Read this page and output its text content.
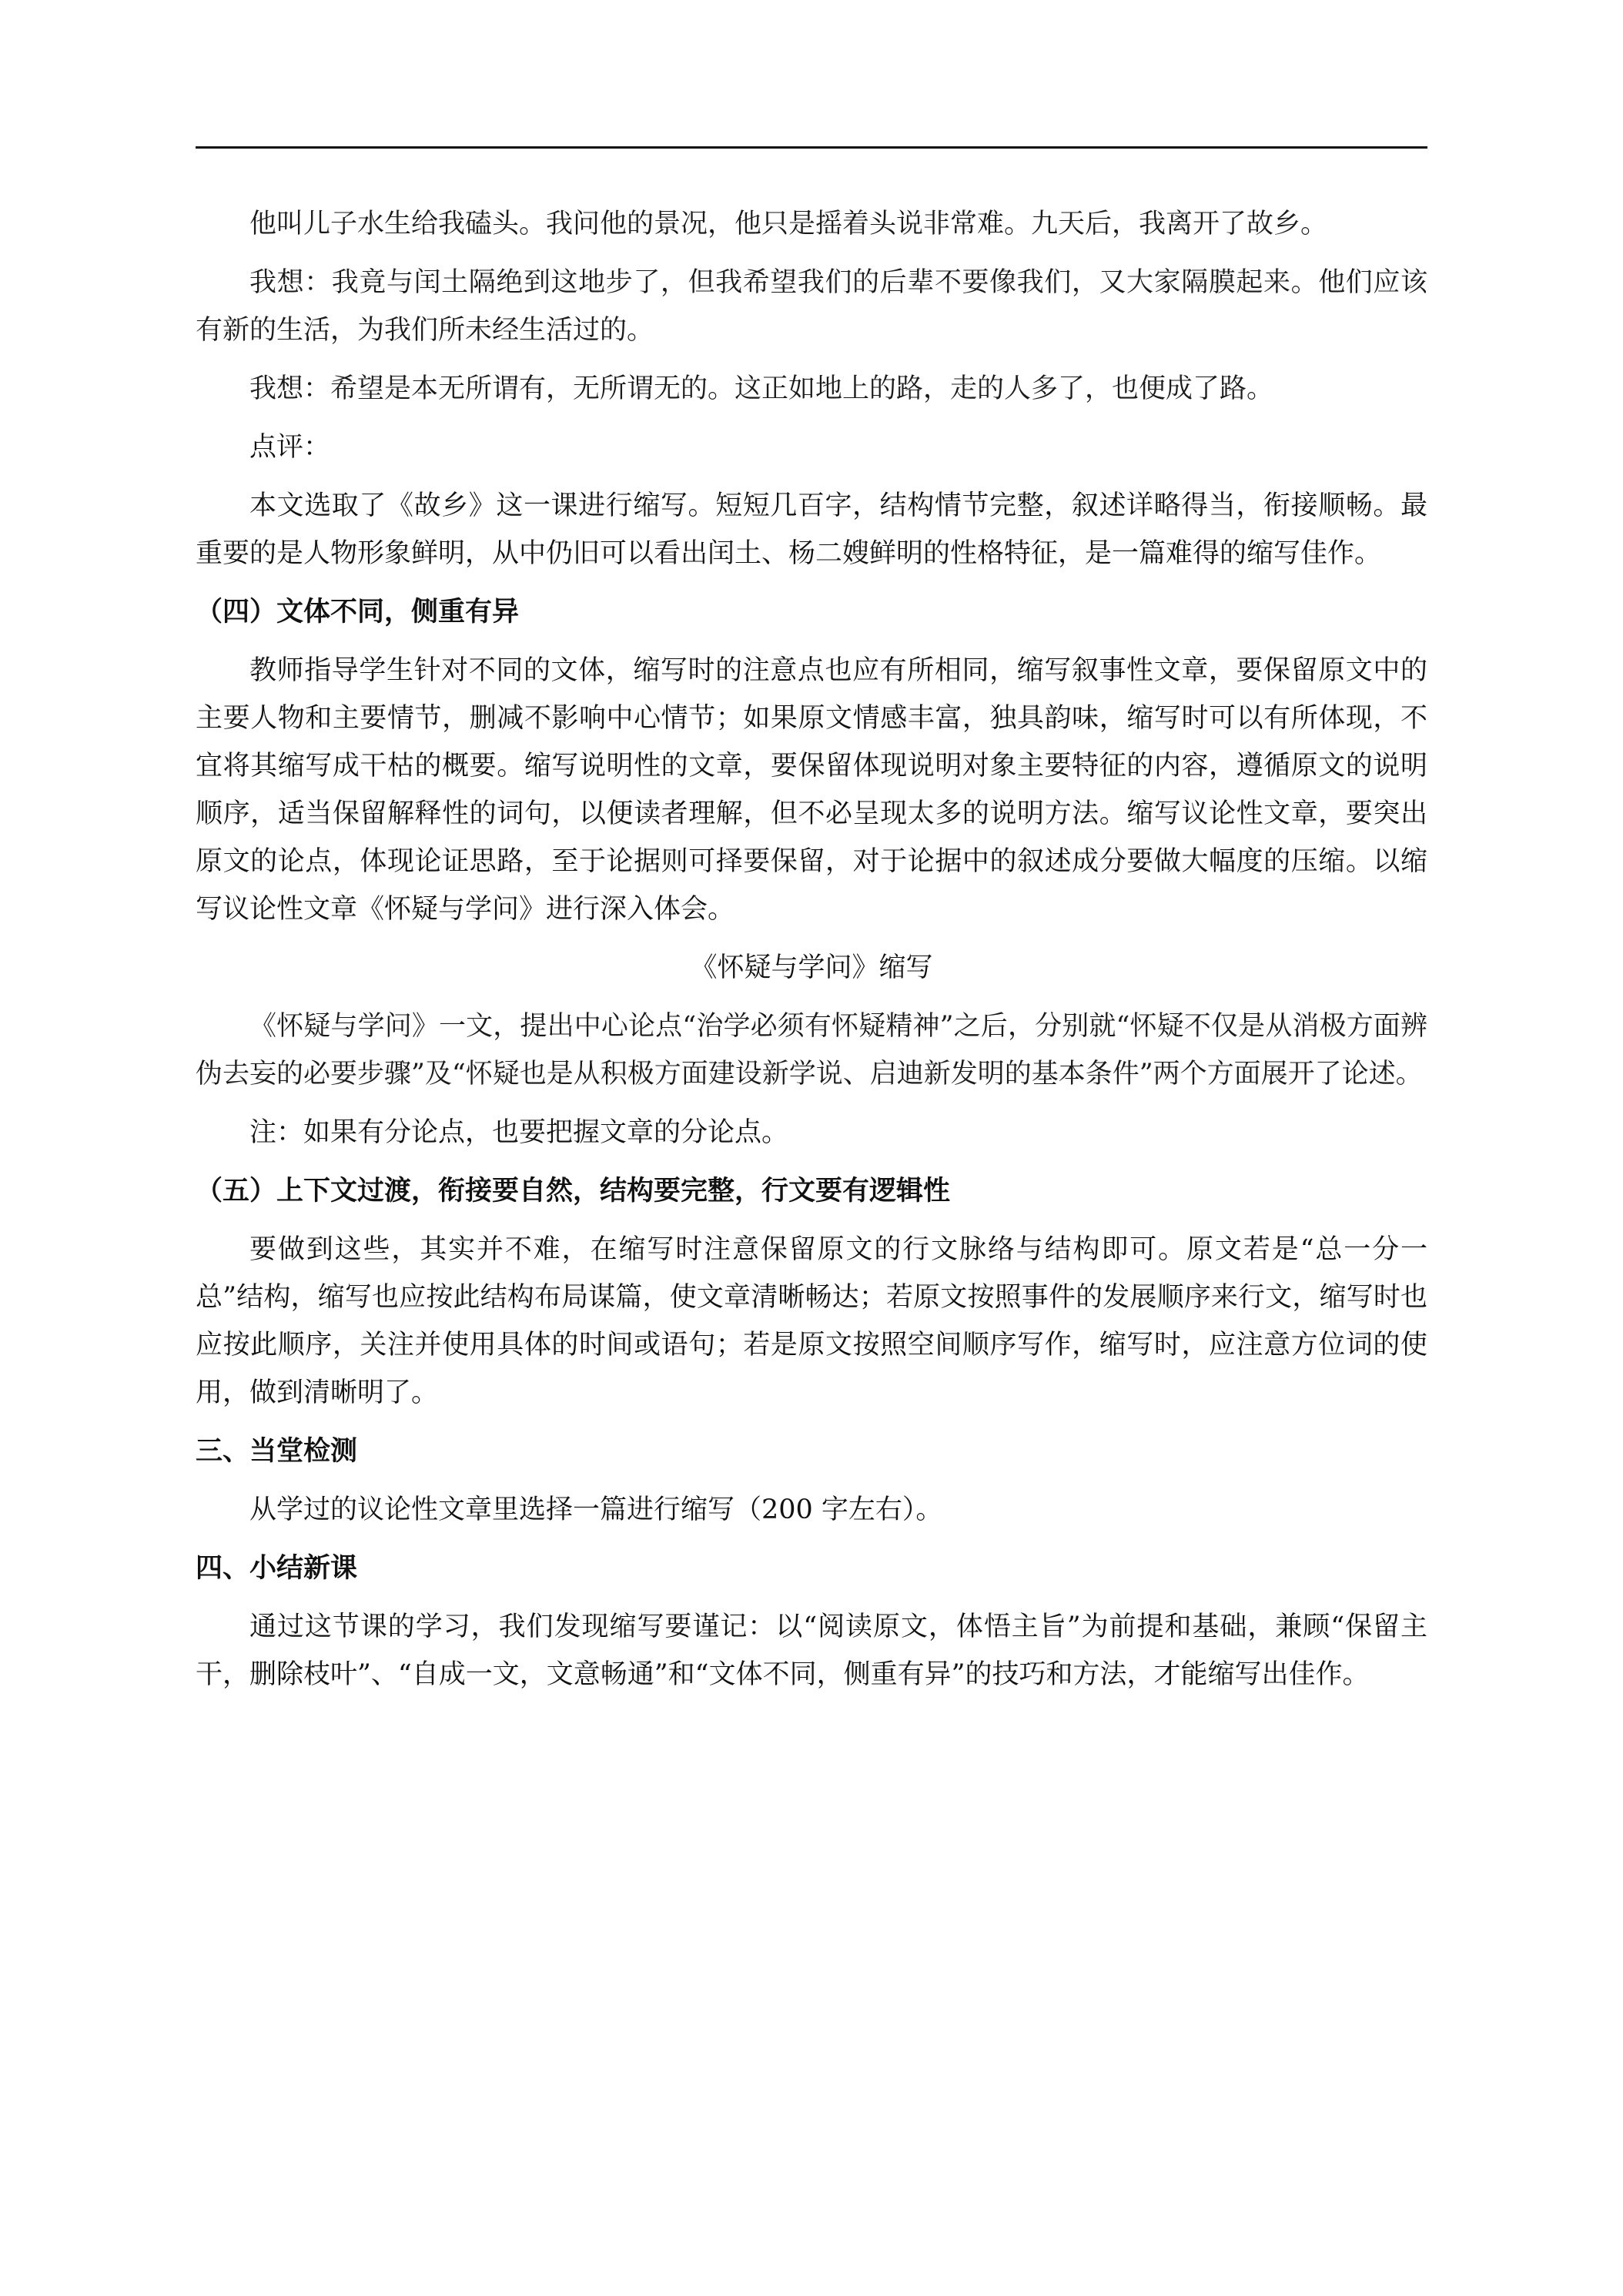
他叫儿子水生给我磕头。我问他的景况，他只是摇着头说非常难。九天后，我离开了故乡。

我想：我竟与闰土隔绝到这地步了，但我希望我们的后辈不要像我们，又大家隔膜起来。他们应该有新的生活，为我们所未经生活过的。

我想：希望是本无所谓有，无所谓无的。这正如地上的路，走的人多了，也便成了路。

点评：

本文选取了《故乡》这一课进行缩写。短短几百字，结构情节完整，叙述详略得当，衔接顺畅。最重要的是人物形象鲜明，从中仍旧可以看出闰土、杨二嫂鲜明的性格特征，是一篇难得的缩写佳作。

（四）文体不同，侧重有异

教师指导学生针对不同的文体，缩写时的注意点也应有所相同，缩写叙事性文章，要保留原文中的主要人物和主要情节，删减不影响中心情节；如果原文情感丰富，独具韵味，缩写时可以有所体现，不宜将其缩写成干枯的概要。缩写说明性的文章，要保留体现说明对象主要特征的内容，遵循原文的说明顺序，适当保留解释性的词句，以便读者理解，但不必呈现太多的说明方法。缩写议论性文章，要突出原文的论点，体现论证思路，至于论据则可择要保留，对于论据中的叙述成分要做大幅度的压缩。以缩写议论性文章《怀疑与学问》进行深入体会。

《怀疑与学问》缩写

《怀疑与学问》一文，提出中心论点“治学必须有怀疑精神”之后，分别就“怀疑不仅是从消极方面辨伪去妄的必要步骤”及“怀疑也是从积极方面建设新学说、启迪新发明的基本条件”两个方面展开了论述。

注：如果有分论点，也要把握文章的分论点。

（五）上下文过渡，衔接要自然，结构要完整，行文要有逻辑性

要做到这些，其实并不难，在缩写时注意保留原文的行文脉络与结构即可。原文若是“总一分一总”结构，缩写也应按此结构布局谋篇，使文章清晰畅达；若原文按照事件的发展顺序来行文，缩写时也应按此顺序，关注并使用具体的时间或语句；若是原文按照空间顺序写作，缩写时，应注意方位词的使用，做到清晰明了。

三、当堂检测

从学过的议论性文章里选择一篇进行缩写（200 字左右）。

四、小结新课

通过这节课的学习，我们发现缩写要谨记：以“阅读原文，体悟主旨”为前提和基础，兼顾“保留主干，删除枝叶”、“自成一文，文意畅通”和“文体不同，侧重有异”的技巧和方法，才能缩写出佳作。
